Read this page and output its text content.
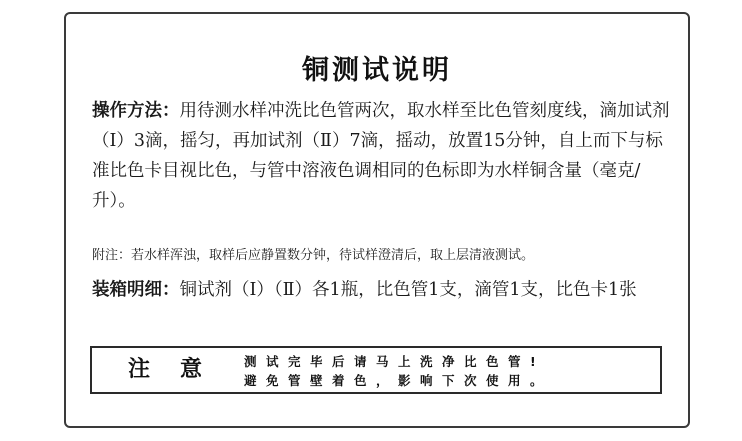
铜测试说明

操作方法：用待测水样冲洗比色管两次，取水样至比色管刻度线，滴加试剂（Ⅰ）3滴，摇匀，再加试剂（Ⅱ）7滴，摇动，放置15分钟，自上而下与标准比色卡目视比色，与管中溶液色调相同的色标即为水样铜含量（毫克/升）。

附注：若水样浑浊，取样后应静置数分钟，待试样澄清后，取上层清液测试。

装箱明细：铜试剂（Ⅰ）（Ⅱ）各1瓶，比色管1支，滴管1支，比色卡1张

注意 测试完毕后请马上洗净比色管!
避免管壁着色，影响下次使用。
